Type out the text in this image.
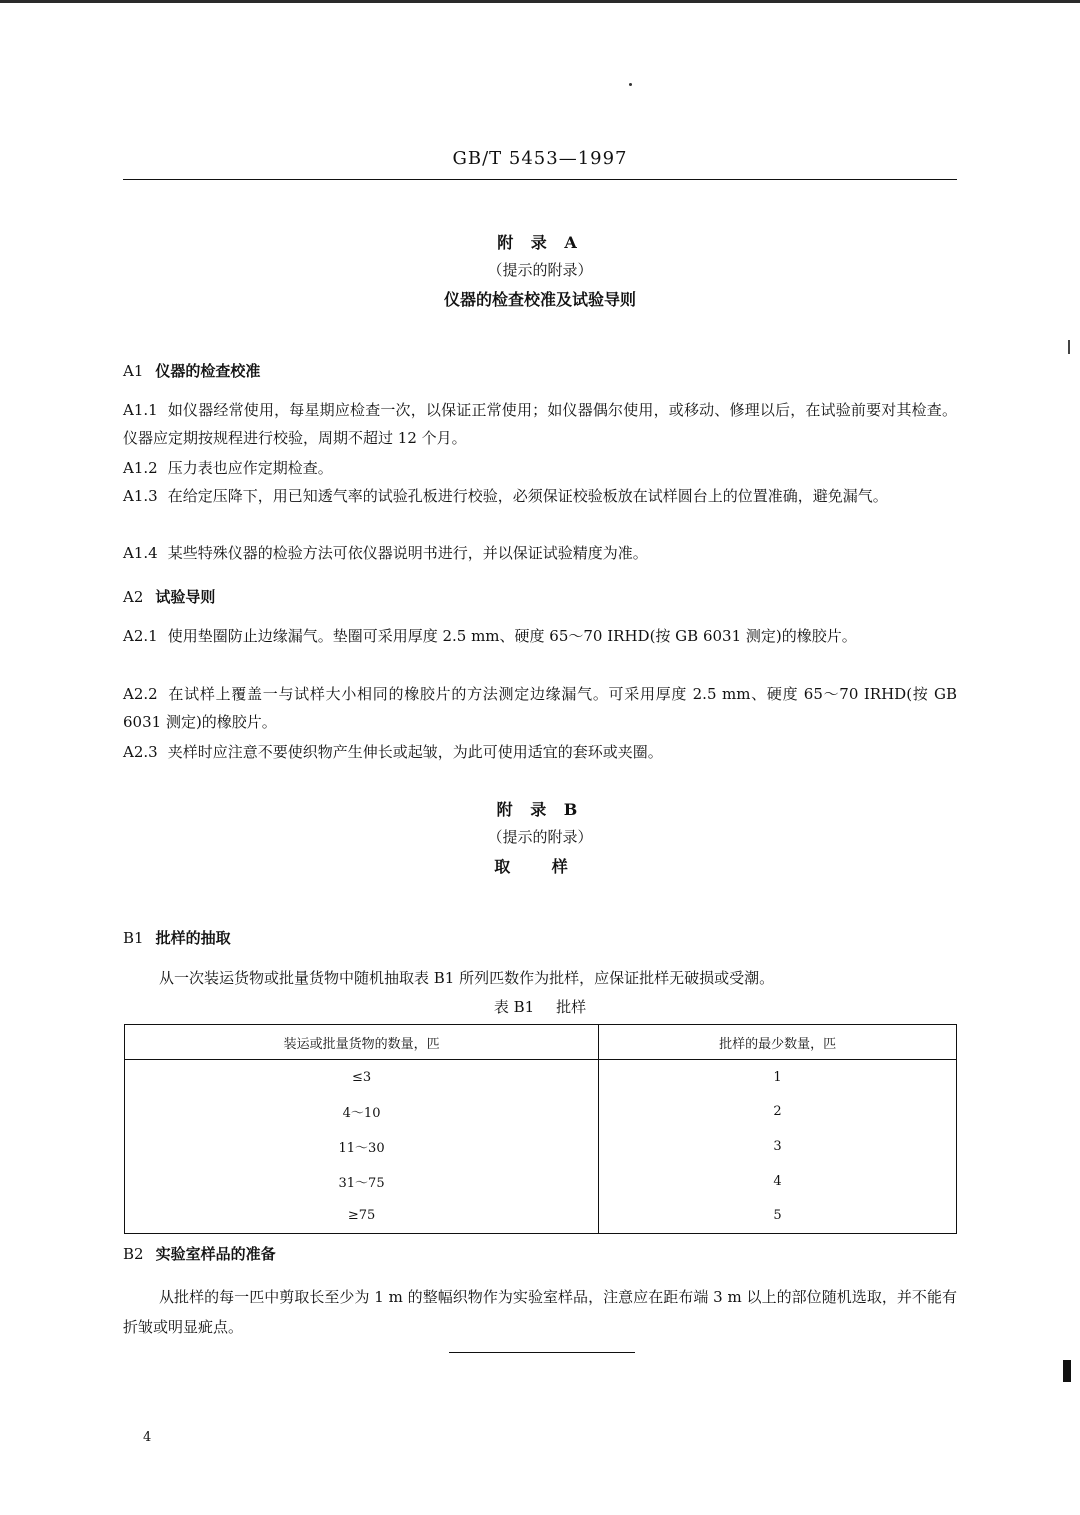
GB/T 5453—1997
附 录 A
（提示的附录）
仪器的检查校准及试验导则
A1 仪器的检查校准
A1.1 如仪器经常使用，每星期应检查一次，以保证正常使用；如仪器偶尔使用，或移动、修理以后，在试验前要对其检查。仪器应定期按规程进行校验，周期不超过 12 个月。
A1.2 压力表也应作定期检查。
A1.3 在给定压降下，用已知透气率的试验孔板进行校验，必须保证校验板放在试样圆台上的位置准确，避免漏气。
A1.4 某些特殊仪器的检验方法可依仪器说明书进行，并以保证试验精度为准。
A2 试验导则
A2.1 使用垫圈防止边缘漏气。垫圈可采用厚度 2.5 mm、硬度 65～70 IRHD(按 GB 6031 测定)的橡胶片。
A2.2 在试样上覆盖一与试样大小相同的橡胶片的方法测定边缘漏气。可采用厚度 2.5 mm、硬度 65～70 IRHD(按 GB 6031 测定)的橡胶片。
A2.3 夹样时应注意不要使织物产生伸长或起皱，为此可使用适宜的套环或夹圈。
附 录 B
（提示的附录）
取 样
B1 批样的抽取
从一次装运货物或批量货物中随机抽取表 B1 所列匹数作为批样，应保证批样无破损或受潮。
表 B1 批样
装运或批量货物的数量，匹	批样的最少数量，匹
≤3	1
4～10	2
11～30	3
31～75	4
≥75	5
B2 实验室样品的准备
从批样的每一匹中剪取长至少为 1 m 的整幅织物作为实验室样品，注意应在距布端 3 m 以上的部位随机选取，并不能有折皱或明显疵点。
4
